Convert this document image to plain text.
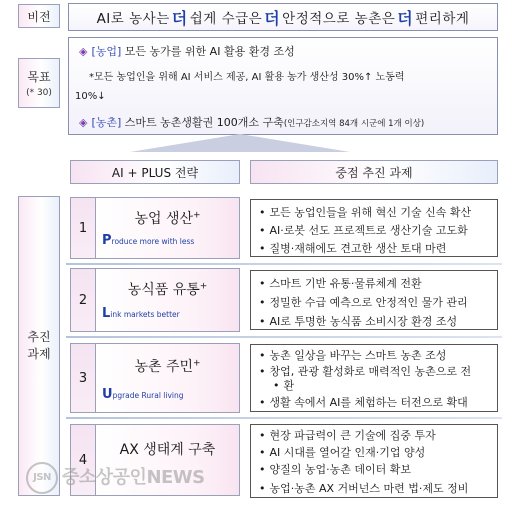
비전	AI로 농사는 더 쉽게 수급은 더 안정적으로 농촌은 더 편리하게
목표
(* 30)
◈ [농업] 모든 농가를 위한 AI 활용 환경 조성
*모든 농업인을 위해 AI 서비스 제공, AI 활용 농가 생산성 30%↑ 노동력
10%↓
◈ [농촌] 스마트 농촌생활권 100개소 구축(인구감소지역 84개 시군에 1개 이상)
AI + PLUS 전략	중점 추진 과제
추진
과제
1
농업 생산+
Produce more with less
• 모든 농업인들을 위해 혁신 기술 신속 확산
• AI·로봇 선도 프로젝트로 생산기술 고도화
• 질병·재해에도 견고한 생산 토대 마련
2
농식품 유통+
Link markets better
• 스마트 기반 유통·물류체계 전환
• 정밀한 수급 예측으로 안정적인 물가 관리
• AI로 투명한 농식품 소비시장 환경 조성
3
농촌 주민+
Upgrade Rural living
• 농촌 일상을 바꾸는 스마트 농촌 조성
• 창업, 관광 활성화로 매력적인 농촌으로 전
• 환
• 생활 속에서 AI를 체험하는 터전으로 확대
4
AX 생태계 구축
• 현장 파급력이 큰 기술에 집중 투자
• AI 시대를 열어갈 인재·기업 양성
• 양질의 농업·농촌 데이터 확보
• 농업·농촌 AX 거버넌스 마련 법·제도 정비
JSN 중소상공인NEWS
